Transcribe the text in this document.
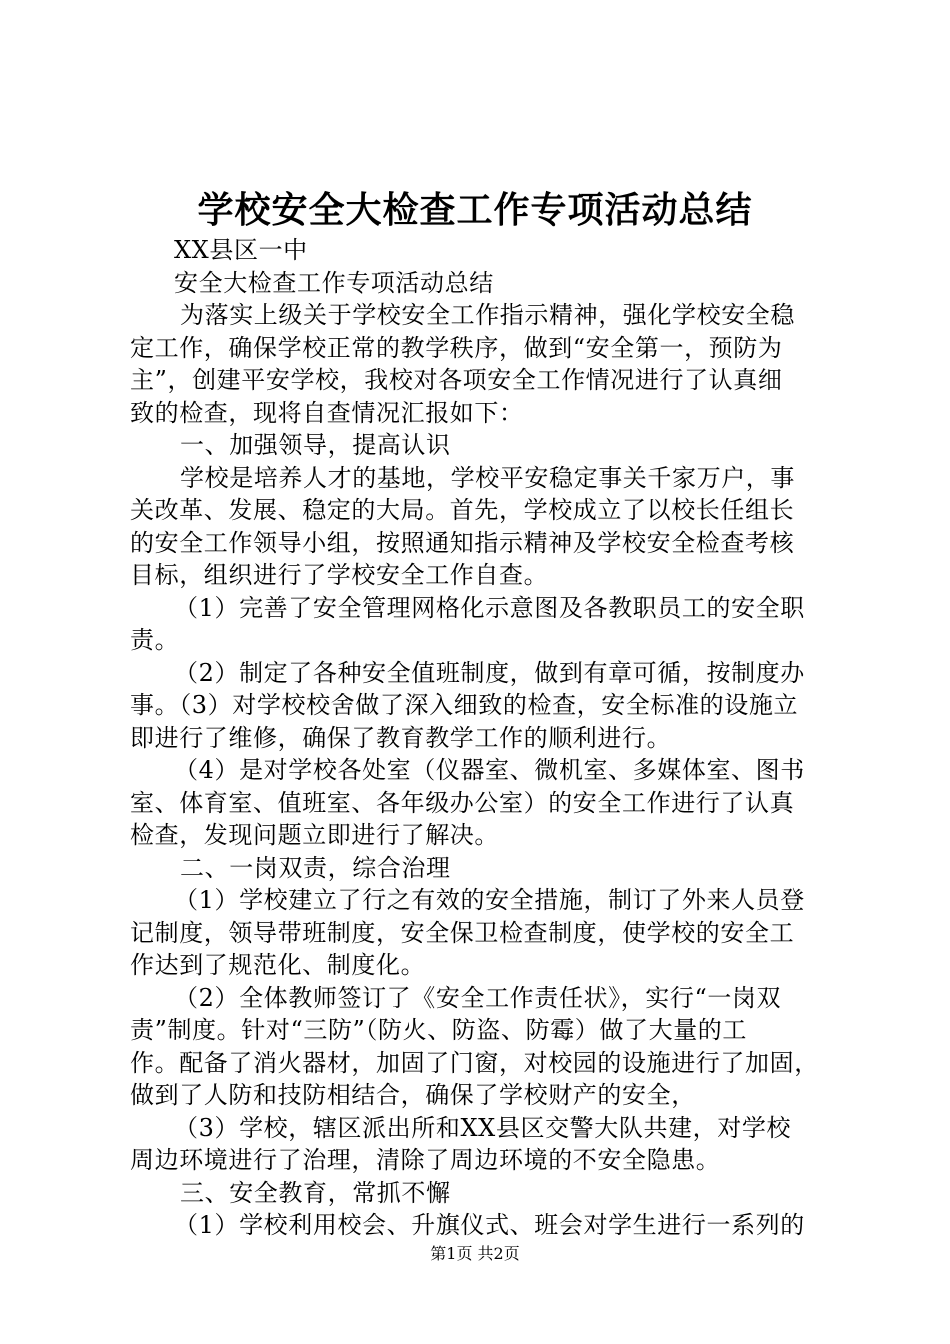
学校安全大检查工作专项活动总结
XX县区一中
安全大检查工作专项活动总结
为落实上级关于学校安全工作指示精神，强化学校安全稳
定工作，确保学校正常的教学秩序，做到“安全第一，预防为
主”，创建平安学校，我校对各项安全工作情况进行了认真细
致的检查，现将自查情况汇报如下：
一、加强领导，提高认识
学校是培养人才的基地，学校平安稳定事关千家万户，事
关改革、发展、稳定的大局。首先，学校成立了以校长任组长
的安全工作领导小组，按照通知指示精神及学校安全检查考核
目标，组织进行了学校安全工作自查。
（1）完善了安全管理网格化示意图及各教职员工的安全职
责。
（2）制定了各种安全值班制度，做到有章可循，按制度办
事。（3）对学校校舍做了深入细致的检查，安全标准的设施立
即进行了维修，确保了教育教学工作的顺利进行。
（4）是对学校各处室（仪器室、微机室、多媒体室、图书
室、体育室、值班室、各年级办公室）的安全工作进行了认真
检查，发现问题立即进行了解决。
二、一岗双责，综合治理
（1）学校建立了行之有效的安全措施，制订了外来人员登
记制度，领导带班制度，安全保卫检查制度，使学校的安全工
作达到了规范化、制度化。
（2）全体教师签订了《安全工作责任状》，实行“一岗双
责”制度。针对“三防”（防火、防盗、防霉）做了大量的工
作。配备了消火器材，加固了门窗，对校园的设施进行了加固，
做到了人防和技防相结合，确保了学校财产的安全，
（3）学校，辖区派出所和XX县区交警大队共建，对学校
周边环境进行了治理，清除了周边环境的不安全隐患。
三、安全教育，常抓不懈
（1）学校利用校会、升旗仪式、班会对学生进行一系列的
第1页 共2页
